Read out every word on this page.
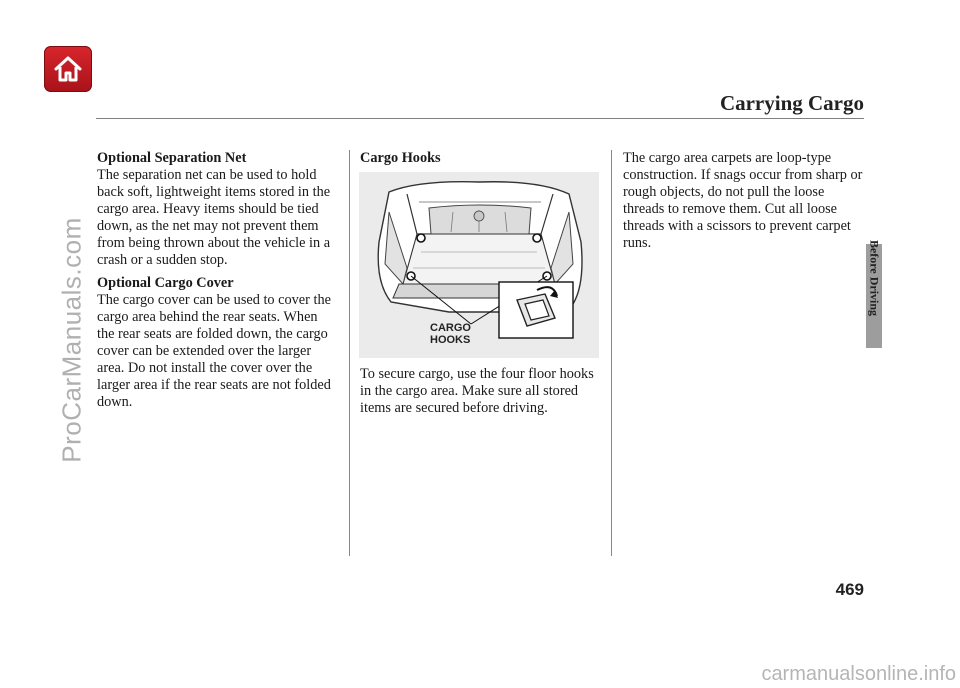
Carrying Cargo

Optional Separation Net
The separation net can be used to hold back soft, lightweight items stored in the cargo area. Heavy items should be tied down, as the net may not prevent them from being thrown about the vehicle in a crash or a sudden stop.

Optional Cargo Cover
The cargo cover can be used to cover the cargo area behind the rear seats. When the rear seats are folded down, the cargo cover can be extended over the larger area. Do not install the cover over the larger area if the rear seats are not folded down.

Cargo Hooks

CARGO
HOOKS

To secure cargo, use the four floor hooks in the cargo area. Make sure all stored items are secured before driving.

The cargo area carpets are loop-type construction. If snags occur from sharp or rough objects, do not pull the loose threads to remove them. Cut all loose threads with a scissors to prevent carpet runs.	Before Driving
469
ProCarManuals.com
carmanualsonline.info
